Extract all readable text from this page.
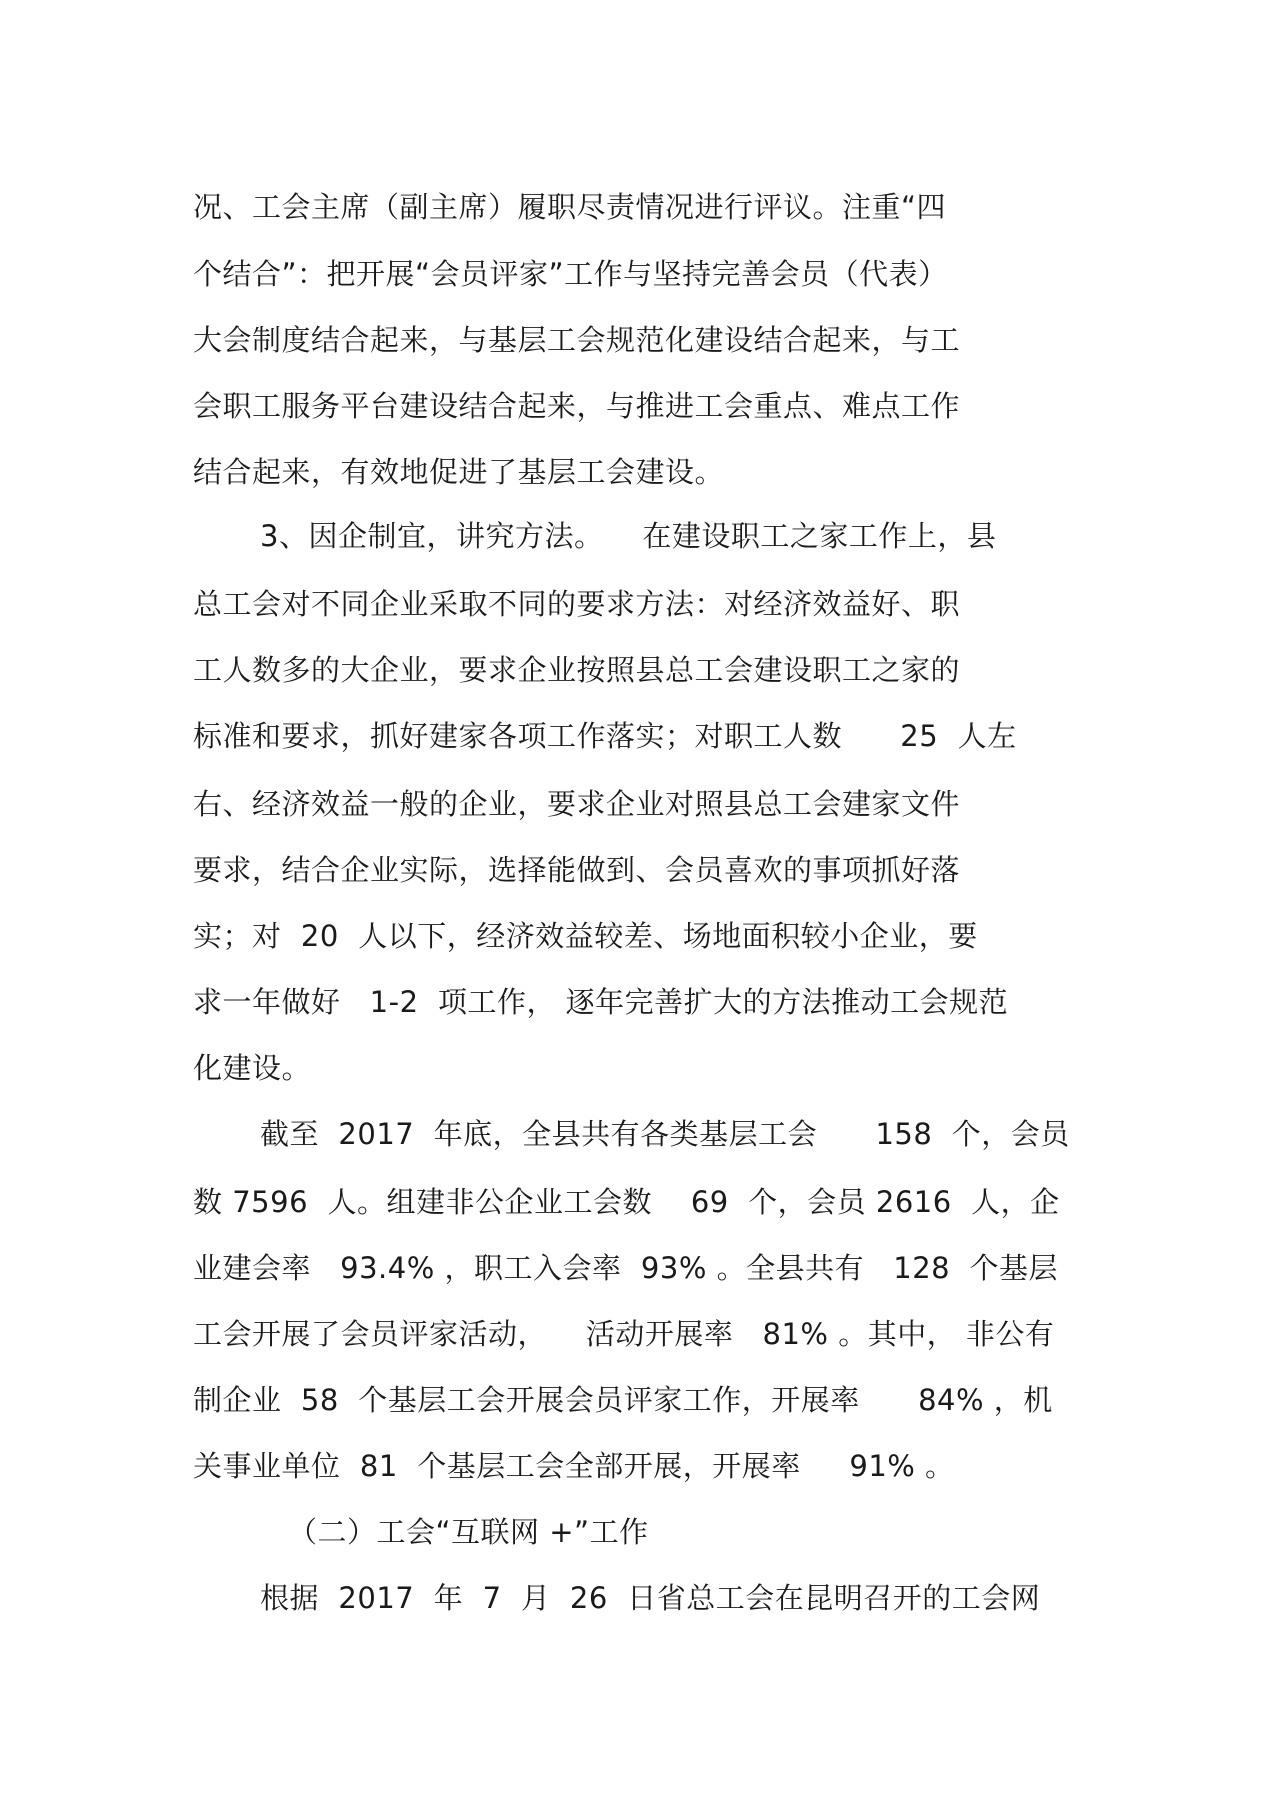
况、工会主席（副主席）履职尽责情况进行评议。注重“四
个结合”：把开展“会员评家”工作与坚持完善会员（代表）
大会制度结合起来，与基层工会规范化建设结合起来，与工
会职工服务平台建设结合起来，与推进工会重点、难点工作
结合起来，有效地促进了基层工会建设。
3、因企制宜，讲究方法。    在建设职工之家工作上，县
总工会对不同企业采取不同的要求方法：对经济效益好、职
工人数多的大企业，要求企业按照县总工会建设职工之家的
标准和要求，抓好建家各项工作落实；对职工人数      25  人左
右、经济效益一般的企业，要求企业对照县总工会建家文件
要求，结合企业实际，选择能做到、会员喜欢的事项抓好落
实；对  20  人以下，经济效益较差、场地面积较小企业，要
求一年做好   1-2  项工作， 逐年完善扩大的方法推动工会规范
化建设。
截至  2017  年底，全县共有各类基层工会      158  个，会员
数 7596  人。组建非公企业工会数    69  个，会员 2616  人，企
业建会率   93.4% ，职工入会率  93% 。全县共有   128  个基层
工会开展了会员评家活动，    活动开展率   81% 。其中， 非公有
制企业  58  个基层工会开展会员评家工作，开展率      84% ，机
关事业单位  81  个基层工会全部开展，开展率     91% 。
（二）工会“互联网 +”工作
根据  2017  年  7  月  26  日省总工会在昆明召开的工会网
